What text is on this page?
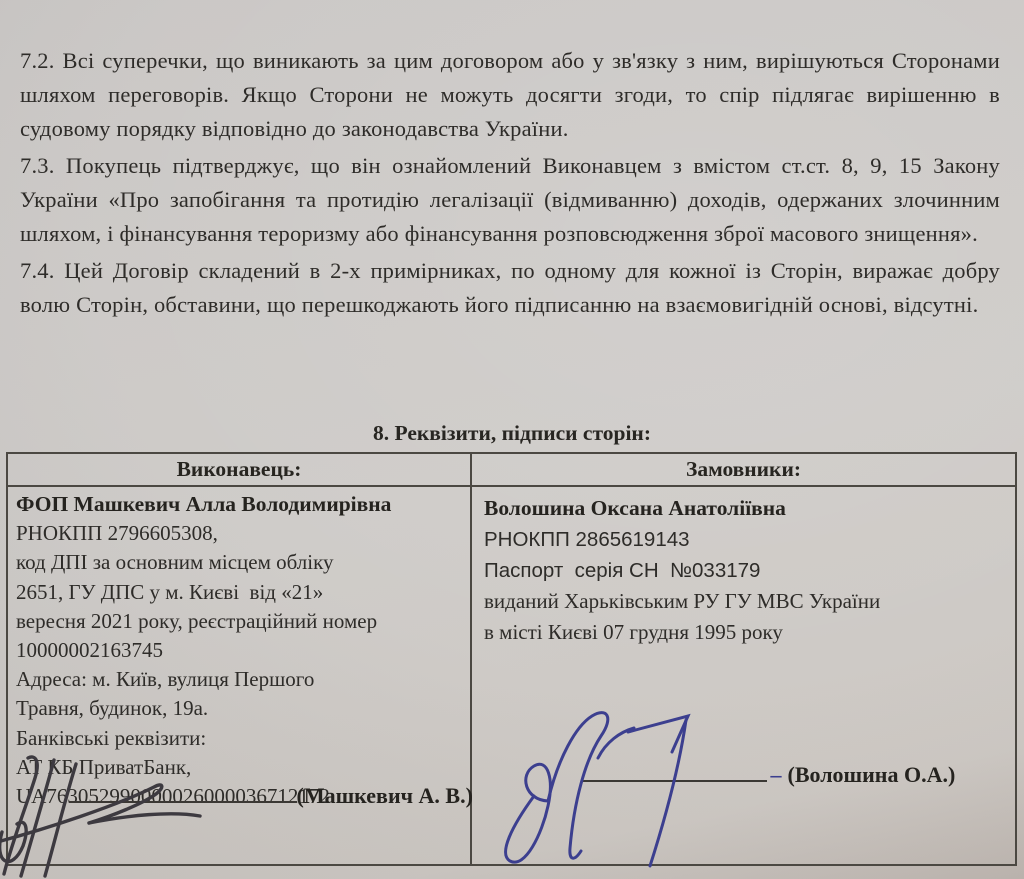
7.2. Всі суперечки, що виникають за цим договором або у зв'язку з ним, вирішуються Сторонами шляхом переговорів. Якщо Сторони не можуть досягти згоди, то спір підлягає вирішенню в судовому порядку відповідно до законодавства України.

7.3. Покупець підтверджує, що він ознайомлений Виконавцем з вмістом ст.ст. 8, 9, 15 Закону України «Про запобігання та протидію легалізації (відмиванню) доходів, одержаних злочинним шляхом, і фінансування тероризму або фінансування розповсюдження зброї масового знищення».

7.4. Цей Договір складений в 2-х примірниках, по одному для кожної із Сторін, виражає добру волю Сторін, обставини, що перешкоджають його підписанню на взаємовигідній основі, відсутні.

8. Реквізити, підписи сторін:
Виконавець:	Замовники:
ФОП Машкевич Алла Володимирівна
РНОКПП 2796605308,
код ДПІ за основним місцем обліку
2651, ГУ ДПС у м. Києві  від «21»
вересня 2021 року, реєстраційний номер
10000002163745
Адреса: м. Київ, вулиця Першого
Травня, будинок, 19а.
Банківські реквізити:
АТ КБ ПриватБанк,
UA763052990000026000036712172

(Машкевич А. В.)

Волошина Оксана Анатоліївна
РНОКПП 2865619143
Паспорт  серія СН  №033179
виданий Харьківським РУ ГУ МВС України
в місті Києві 07 грудня 1995 року

– (Волошина О.А.)
